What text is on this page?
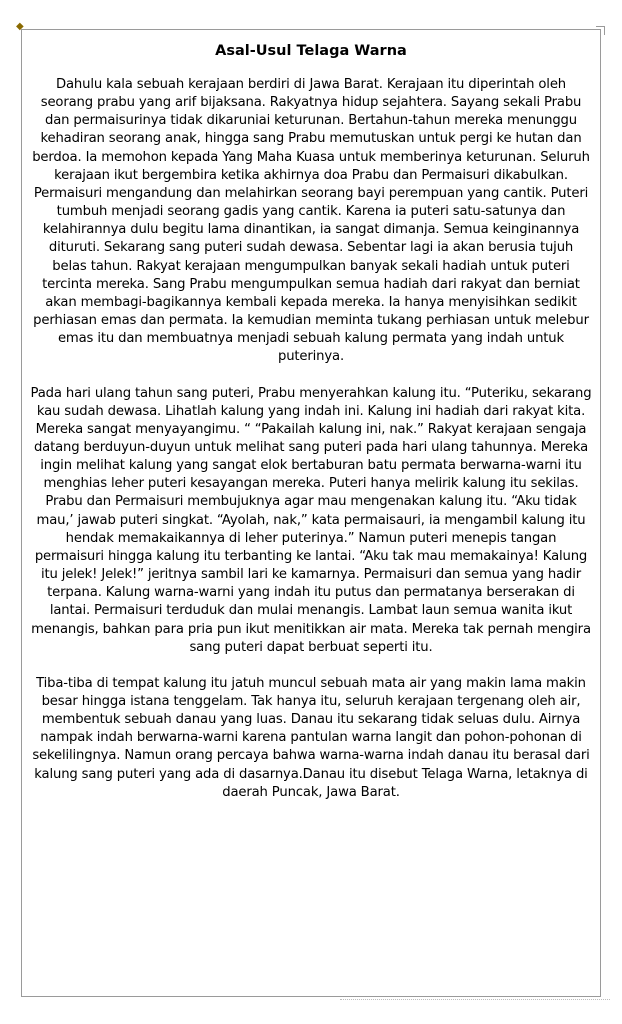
◆
Asal-Usul Telaga Warna

Dahulu kala sebuah kerajaan berdiri di Jawa Barat. Kerajaan itu diperintah oleh seorang prabu yang arif bijaksana. Rakyatnya hidup sejahtera. Sayang sekali Prabu dan permaisurinya tidak dikaruniai keturunan. Bertahun-tahun mereka menunggu kehadiran seorang anak, hingga sang Prabu memutuskan untuk pergi ke hutan dan berdoa. Ia memohon kepada Yang Maha Kuasa untuk memberinya keturunan. Seluruh kerajaan ikut bergembira ketika akhirnya doa Prabu dan Permaisuri dikabulkan. Permaisuri mengandung dan melahirkan seorang bayi perempuan yang cantik. Puteri tumbuh menjadi seorang gadis yang cantik. Karena ia puteri satu-satunya dan kelahirannya dulu begitu lama dinantikan, ia sangat dimanja. Semua keinginannya dituruti. Sekarang sang puteri sudah dewasa. Sebentar lagi ia akan berusia tujuh belas tahun. Rakyat kerajaan mengumpulkan banyak sekali hadiah untuk puteri tercinta mereka. Sang Prabu mengumpulkan semua hadiah dari rakyat dan berniat akan membagi-bagikannya kembali kepada mereka. Ia hanya menyisihkan sedikit perhiasan emas dan permata. Ia kemudian meminta tukang perhiasan untuk melebur emas itu dan membuatnya menjadi sebuah kalung permata yang indah untuk puterinya.

Pada hari ulang tahun sang puteri, Prabu menyerahkan kalung itu. “Puteriku, sekarang kau sudah dewasa. Lihatlah kalung yang indah ini. Kalung ini hadiah dari rakyat kita. Mereka sangat menyayangimu. “ “Pakailah kalung ini, nak.” Rakyat kerajaan sengaja datang berduyun-duyun untuk melihat sang puteri pada hari ulang tahunnya. Mereka ingin melihat kalung yang sangat elok bertaburan batu permata berwarna-warni itu menghias leher puteri kesayangan mereka. Puteri hanya melirik kalung itu sekilas. Prabu dan Permaisuri membujuknya agar mau mengenakan kalung itu. “Aku tidak mau,’ jawab puteri singkat. “Ayolah, nak,” kata permaisauri, ia mengambil kalung itu hendak memakaikannya di leher puterinya.” Namun puteri menepis tangan permaisuri hingga kalung itu terbanting ke lantai. “Aku tak mau memakainya! Kalung itu jelek! Jelek!” jeritnya sambil lari ke kamarnya. Permaisuri dan semua yang hadir terpana. Kalung warna-warni yang indah itu putus dan permatanya berserakan di lantai. Permaisuri terduduk dan mulai menangis. Lambat laun semua wanita ikut menangis, bahkan para pria pun ikut menitikkan air mata. Mereka tak pernah mengira sang puteri dapat berbuat seperti itu.

Tiba-tiba di tempat kalung itu jatuh muncul sebuah mata air yang makin lama makin besar hingga istana tenggelam. Tak hanya itu, seluruh kerajaan tergenang oleh air, membentuk sebuah danau yang luas. Danau itu sekarang tidak seluas dulu. Airnya nampak indah berwarna-warni karena pantulan warna langit dan pohon-pohonan di sekelilingnya. Namun orang percaya bahwa warna-warna indah danau itu berasal dari kalung sang puteri yang ada di dasarnya.Danau itu disebut Telaga Warna, letaknya di daerah Puncak, Jawa Barat.
